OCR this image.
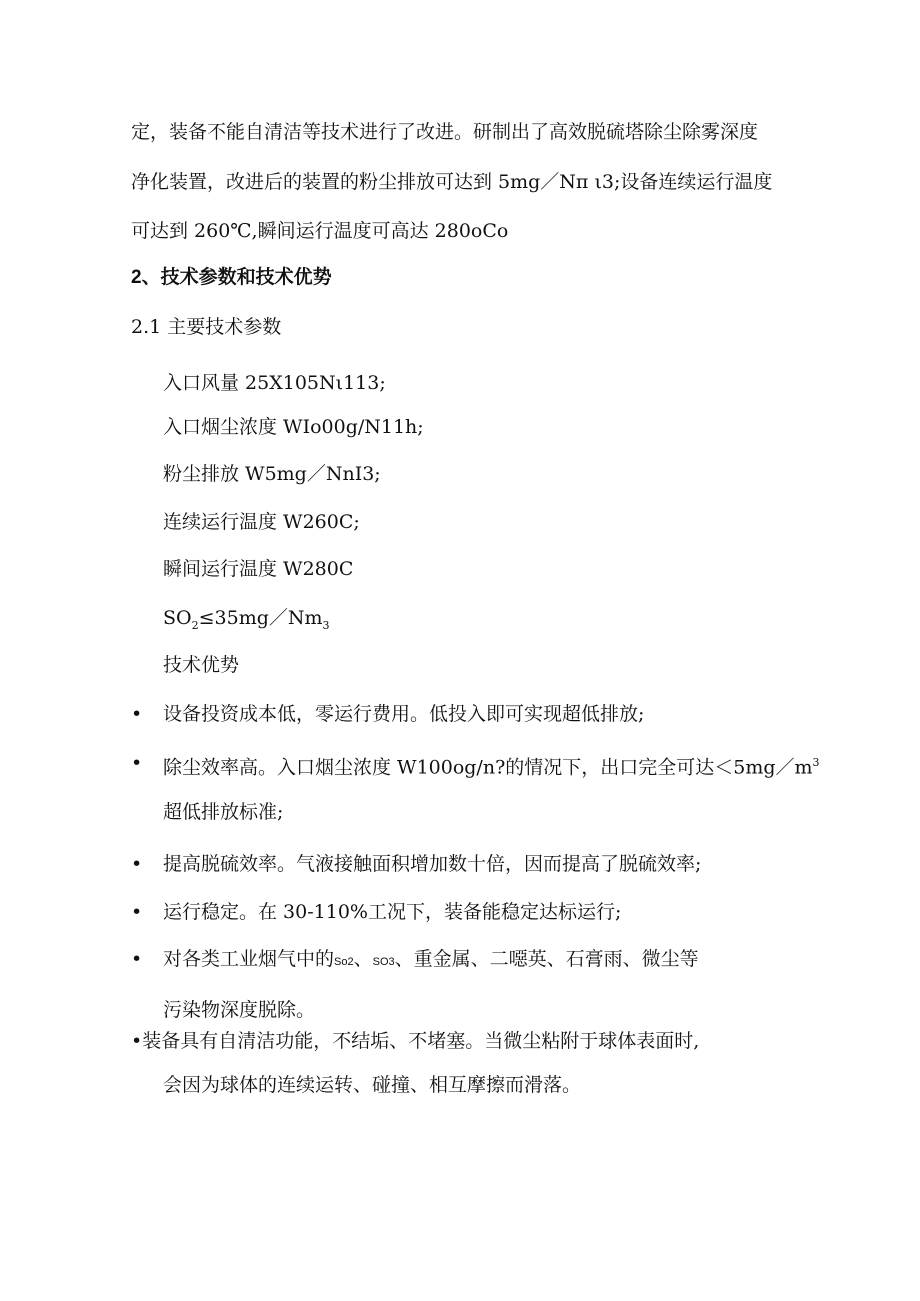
定，装备不能自清洁等技术进行了改进。研制出了高效脱硫塔除尘除雾深度
净化装置，改进后的装置的粉尘排放可达到 5mg／Nπ ι3;设备连续运行温度
可达到 260℃,瞬间运行温度可高达 280oCo
2、技术参数和技术优势
2.1 主要技术参数
入口风量 25X105Nι113;
入口烟尘浓度 WIo00g/N11h;
粉尘排放 W5mg／NnI3;
连续运行温度 W260C;
瞬间运行温度 W280C
$SO_2\le 35mg/Nm_3$
技术优势
• 设备投资成本低，零运行费用。低投入即可实现超低排放;
• 除尘效率高。入口烟尘浓度 W100og/n?的情况下，出口完全可达$<5mg/m^3$
超低排放标准;
• 提高脱硫效率。气液接触面积增加数十倍，因而提高了脱硫效率;
• 运行稳定。在 30-110%工况下，装备能稳定达标运行;
• 对各类工业烟气中的So2、SO3、重金属、二噁英、石膏雨、微尘等
污染物深度脱除。
•装备具有自清洁功能，不结垢、不堵塞。当微尘粘附于球体表面时,
会因为球体的连续运转、碰撞、相互摩擦而滑落。
